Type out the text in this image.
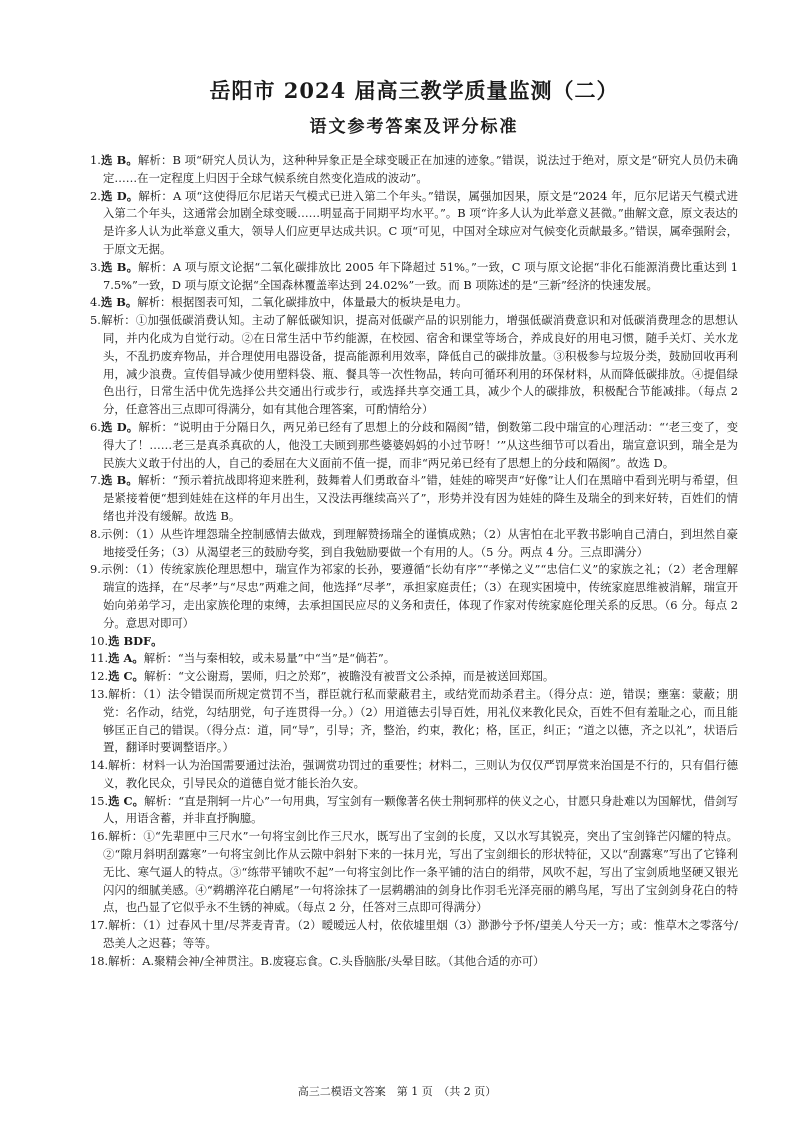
岳阳市 2024 届高三教学质量监测（二）
语文参考答案及评分标准

1.选 B。解析：B 项“研究人员认为，这种种异象正是全球变暖正在加速的迹象。”错误，说法过于绝对，原文是“研究人员仍未确定……在一定程度上归因于全球气候系统自然变化造成的波动”。

2.选 D。解析：A 项“这使得厄尔尼诺天气模式已进入第二个年头。”错误，属强加因果，原文是“2024 年，厄尔尼诺天气模式进入第二个年头，这通常会加剧全球变暖……明显高于同期平均水平。”。B 项“许多人认为此举意义甚微。”曲解文意，原文表达的是许多人认为此举意义重大，领导人们应更早达成共识。C 项“可见，中国对全球应对气候变化贡献最多。”错误，属牵强附会，于原文无据。

3.选 B。解析：A 项与原文论据“二氧化碳排放比 2005 年下降超过 51%。”一致，C 项与原文论据“非化石能源消费比重达到 17.5%”一致，D 项与原文论据“全国森林覆盖率达到 24.02%”一致。而 B 项陈述的是“三新”经济的快速发展。

4.选 B。解析：根据图表可知，二氧化碳排放中，体量最大的板块是电力。

5.解析：①加强低碳消费认知。主动了解低碳知识，提高对低碳产品的识别能力，增强低碳消费意识和对低碳消费理念的思想认同，并内化成为自觉行动。②在日常生活中节约能源，在校园、宿舍和课堂等场合，养成良好的用电习惯，随手关灯、关水龙头，不乱扔废弃物品，并合理使用电器设备，提高能源利用效率，降低自己的碳排放量。③积极参与垃圾分类，鼓励回收再利用，减少浪费。宣传倡导减少使用塑料袋、瓶、餐具等一次性物品，转向可循环利用的环保材料，从而降低碳排放。④提倡绿色出行，日常生活中优先选择公共交通出行或步行，或选择共享交通工具，减少个人的碳排放，积极配合节能减排。（每点 2 分，任意答出三点即可得满分，如有其他合理答案，可酌情给分）

6.选 D。解析：“说明由于分隔日久，两兄弟已经有了思想上的分歧和隔阂”错，倒数第二段中瑞宣的心理活动：“‘老三变了，变得大了！……老三是真杀真砍的人，他没工夫顾到那些婆婆妈妈的小过节呀！’”从这些细节可以看出，瑞宣意识到，瑞全是为民族大义敢于付出的人，自己的委屈在大义面前不值一提，而非“两兄弟已经有了思想上的分歧和隔阂”。故选 D。

7.选 B。解析：“预示着抗战即将迎来胜利，鼓舞着人们勇敢奋斗”错，娃娃的啼哭声“好像”让人们在黑暗中看到光明与希望，但是紧接着便“想到娃娃在这样的年月出生，又没法再继续高兴了”，形势并没有因为娃娃的降生及瑞全的到来好转，百姓们的情绪也并没有缓解。故选 B。

8.示例：（1）从些许埋怨瑞全控制感情去做戏，到理解赞扬瑞全的谨慎成熟；（2）从害怕在北平教书影响自己清白，到坦然自豪地接受任务；（3）从渴望老三的鼓励夸奖，到自我勉励要做一个有用的人。（5 分。两点 4 分。三点即满分）

9.示例：（1）传统家族伦理思想中，瑞宣作为祁家的长孙，要遵循“长幼有序”“孝悌之义”“忠信仁义”的家族之礼；（2）老舍理解瑞宣的选择，在“尽孝”与“尽忠”两难之间，他选择“尽孝”，承担家庭责任；（3）在现实困境中，传统家庭思维被消解，瑞宣开始向弟弟学习，走出家族伦理的束缚，去承担国民应尽的义务和责任，体现了作家对传统家庭伦理关系的反思。（6 分。每点 2 分。意思对即可）

10.选 BDF。

11.选 A。解析：“当与秦相较，或未易量”中“当”是“倘若”。

12.选 C。解析：“文公谢焉，罢师，归之於郑”，被瞻没有被晋文公杀掉，而是被送回郑国。

13.解析：（1）法令错误而所规定赏罚不当，群臣就行私而蒙蔽君主，或结党而劫杀君主。（得分点：逆，错误；壅塞：蒙蔽；朋党：名作动，结党，勾结朋党，句子连贯得一分。）（2）用道德去引导百姓，用礼仪来教化民众，百姓不但有羞耻之心，而且能够匡正自己的错误。（得分点：道，同“导”，引导；齐，整治，约束，教化；格，匡正，纠正；“道之以德，齐之以礼”，状语后置，翻译时要调整语序。）

14.解析：材料一认为治国需要通过法治，强调赏功罚过的重要性；材料二，三则认为仅仅严罚厚赏来治国是不行的，只有倡行德义，教化民众，引导民众的道德自觉才能长治久安。

15.选 C。解析：“直是荆轲一片心”一句用典，写宝剑有一颗像著名侠士荆轲那样的侠义之心，甘愿只身赴难以为国解忧，借剑写人，用语含蓄，并非直抒胸臆。

16.解析：①“先辈匣中三尺水”一句将宝剑比作三尺水，既写出了宝剑的长度，又以水写其锐亮，突出了宝剑锋芒闪耀的特点。②“隙月斜明刮露寒”一句将宝剑比作从云隙中斜射下来的一抹月光，写出了宝剑细长的形状特征，又以“刮露寒”写出了它锋利无比、寒气逼人的特点。③“练带平铺吹不起”一句将宝剑比作一条平铺的洁白的绢带，风吹不起，写出了宝剑质地坚硬又银光闪闪的细腻美感。④“鹈鹕淬花白鹇尾”一句将涂抹了一层鹈鹕油的剑身比作羽毛光泽亮丽的鹇鸟尾，写出了宝剑剑身花白的特点，也凸显了它似乎永不生锈的神威。（每点 2 分，任答对三点即可得满分）

17.解析：（1）过春风十里/尽荠麦青青。（2）暧暧远人村，依依墟里烟（3）渺渺兮予怀/望美人兮天一方；或：惟草木之零落兮/恐美人之迟暮；等等。

18.解析：A.聚精会神/全神贯注。B.废寝忘食。C.头昏脑胀/头晕目眩。（其他合适的亦可）

高三二模语文答案　第 1 页　（共 2 页）
